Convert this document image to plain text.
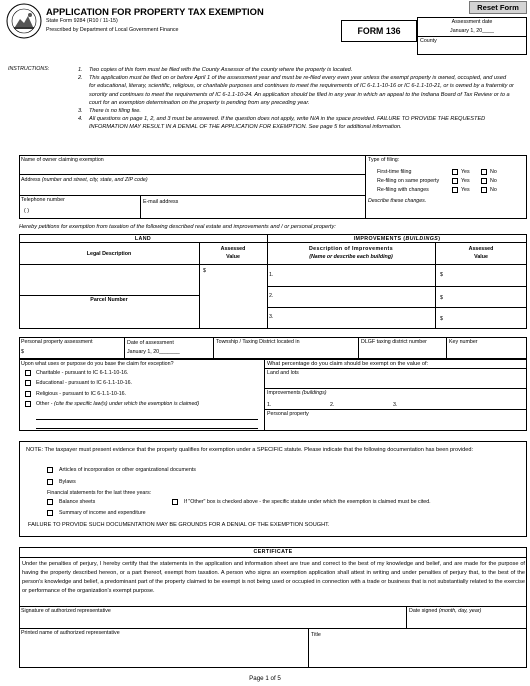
Reset Form
APPLICATION FOR PROPERTY TAX EXEMPTION
State Form 9284 (R10 / 11-15)
Prescribed by Department of Local Government Finance	FORM 136
Assessment date
January 1, 20____
County
INSTRUCTIONS:	1.	Two copies of this form must be filed with the County Assessor of the county where the property is located.
2.	This application must be filed on or before April 1 of the assessment year and must be re-filed every even year unless the exempt property is owned, occupied, and used for educational, literary, scientific, religious, or charitable purposes and continues to meet the requirements of IC 6-1.1-10-16 or IC 6-1.1-10-21, or is owned by a fraternity or sorority and continues to meet the requirements of IC 6-1.1-10-24. An application should be filed in any year in which an appeal to the Indiana Board of Tax Review or to a court for an exemption determination on the property is pending from any preceding year.
3.	There is no filing fee.
4.	All questions on page 1, 2, and 3 must be answered. If the question does not apply, write N/A in the space provided. FAILURE TO PROVIDE THE REQUESTED INFORMATION MAY RESULT IN A DENIAL OF THE APPLICATION FOR EXEMPTION. See page 5 for additional information.
Name of owner claiming exemption
Address (number and street, city, state, and ZIP code)
Telephone number
( )
E-mail address
Type of filing:
First-time filing	Yes	No
Re-filing on same property	Yes	No
Re-filing with changes	Yes	No
Describe these changes.
Hereby petitions for exemption from taxation of the following described real estate and improvements and / or personal property:
LAND
Legal Description
Assessed
Value
$
Parcel Number
IMPROVEMENTS (BUILDINGS)
Description of Improvements
(Name or describe each building)
Assessed
Value
1.	$
2.	$
3.	$
Personal property assessment
$
Date of assessment
January 1, 20_______
Township / Taxing District located in	DLGF taxing district number	Key number
Upon what uses or purpose do you base the claim for exception?
Charitable - pursuant to IC 6-1.1-10-16.
Educational - pursuant to IC 6-1.1-10-16.
Religious - pursuant to IC 6-1.1-10-16.
Other - (cite the specific law(s) under which the exemption is claimed)
What percentage do you claim should be exempt on the value of:
Land and lots
Improvements (buildings)
1.	2.	3.
Personal property
NOTE: The taxpayer must present evidence that the property qualifies for exemption under a SPECIFIC statute. Please indicate that the following documentation has been provided:
Articles of incorporation or other organizational documents
Bylaws
Financial statements for the last three years:
Balance sheets	If "Other" box is checked above - the specific statute under which the exemption is claimed must be cited.
Summary of income and expenditure
FAILURE TO PROVIDE SUCH DOCUMENTATION MAY BE GROUNDS FOR A DENIAL OF THE EXEMPTION SOUGHT.
CERTIFICATE
Under the penalties of perjury, I hereby certify that the statements in the application and information sheet are true and correct to the best of my knowledge and belief, and are made for the purpose of having the property described hereon, or a part thereof, exempt from taxation. A person who signs an exemption application shall attest in writing and under penalties of perjury that, to the best of the person's knowledge and belief, a predominant part of the property claimed to be exempt is not being used or occupied in connection with a trade or business that is not substantially related to the exercise or performance of the organization's exempt purpose.
Signature of authorized representative	Date signed (month, day, year)
Printed name of authorized representative	Title
Page 1 of 5
